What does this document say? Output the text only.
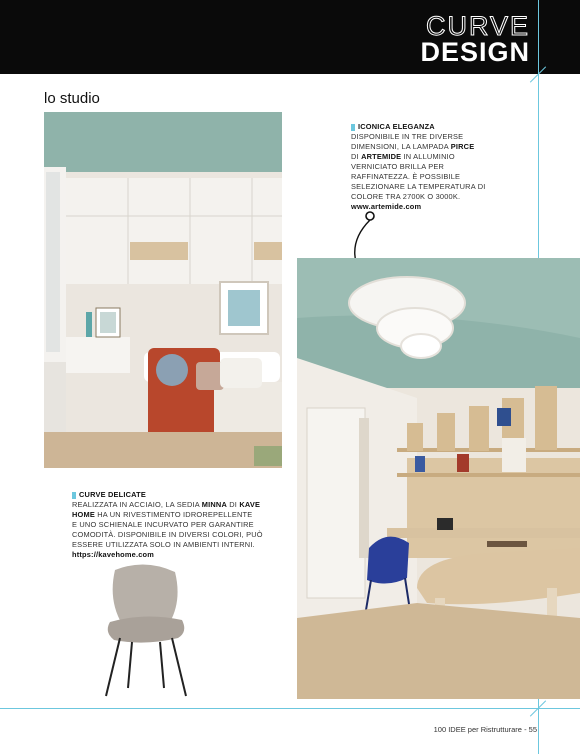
CURVE
DESIGN
lo studio
ICONICA ELEGANZA
DISPONIBILE IN TRE DIVERSE
DIMENSIONI, LA LAMPADA PIRCE
DI ARTEMIDE IN ALLUMINIO
VERNICIATO BRILLA PER
RAFFINATEZZA. È POSSIBILE
SELEZIONARE LA TEMPERATURA DI
COLORE TRA 2700K O 3000K.
www.artemide.com
CURVE DELICATE
REALIZZATA IN ACCIAIO, LA SEDIA MINNA DI KAVE
HOME HA UN RIVESTIMENTO IDROREPELLENTE
E UNO SCHIENALE INCURVATO PER GARANTIRE
COMODITÀ. DISPONIBILE IN DIVERSI COLORI, PUÒ
ESSERE UTILIZZATA SOLO IN AMBIENTI INTERNI.
https://kavehome.com
100 IDEE per Ristrutturare - 55
